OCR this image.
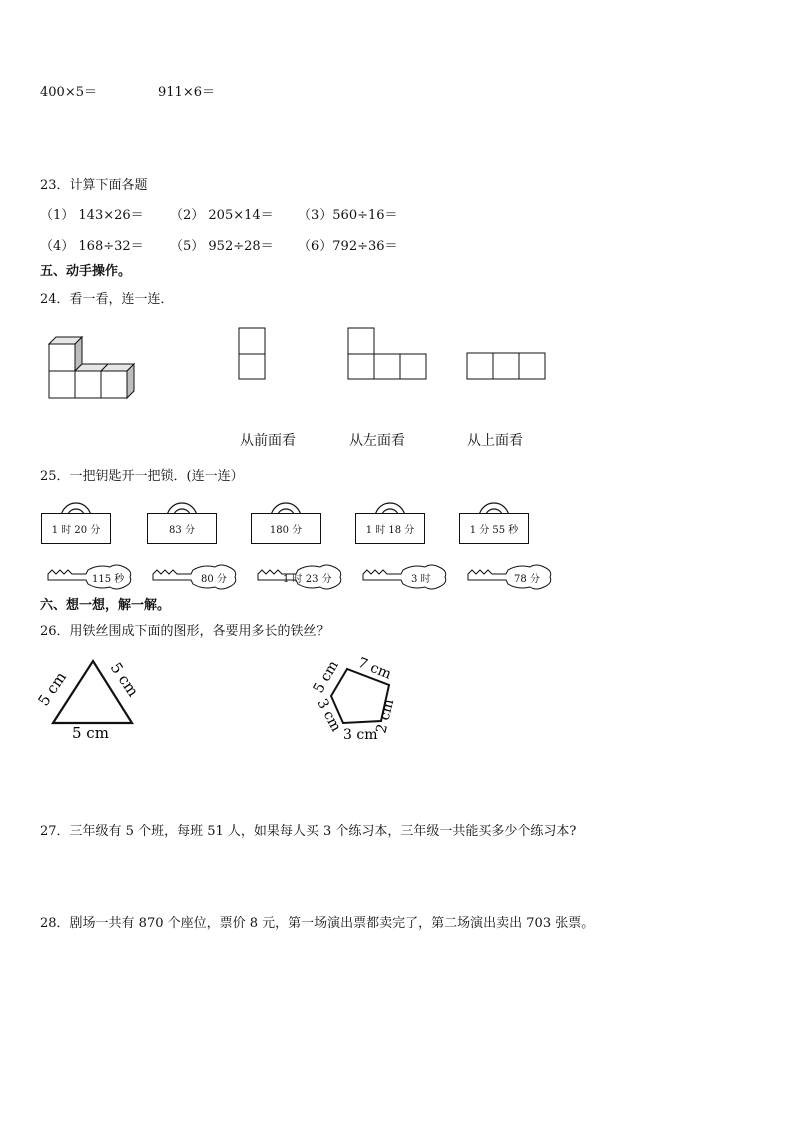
400×5＝	911×6＝
23．计算下面各题
（1） 143×26＝ （2） 205×14＝ （3）560÷16＝
（4） 168÷32＝ （5） 952÷28＝ （6）792÷36＝
五、动手操作。
24．看一看，连一连．
从前面看	从左面看	从上面看
25．一把钥匙开一把锁．(连一连）
1 时 20 分	83 分	180 分	1 时 18 分	1 分 55 秒
115 秒	80 分	1 时 23 分	3 时	78 分
六、想一想，解一解。
26．用铁丝围成下面的图形，各要用多长的铁丝？
5 cm 5 cm
5 cm
7 cm
5 cm
3 cm
3 cm
2 cm
27．三年级有 5 个班，每班 51 人，如果每人买 3 个练习本，三年级一共能买多少个练习本?
28．剧场一共有 870 个座位，票价 8 元，第一场演出票都卖完了，第二场演出卖出 703 张票。
